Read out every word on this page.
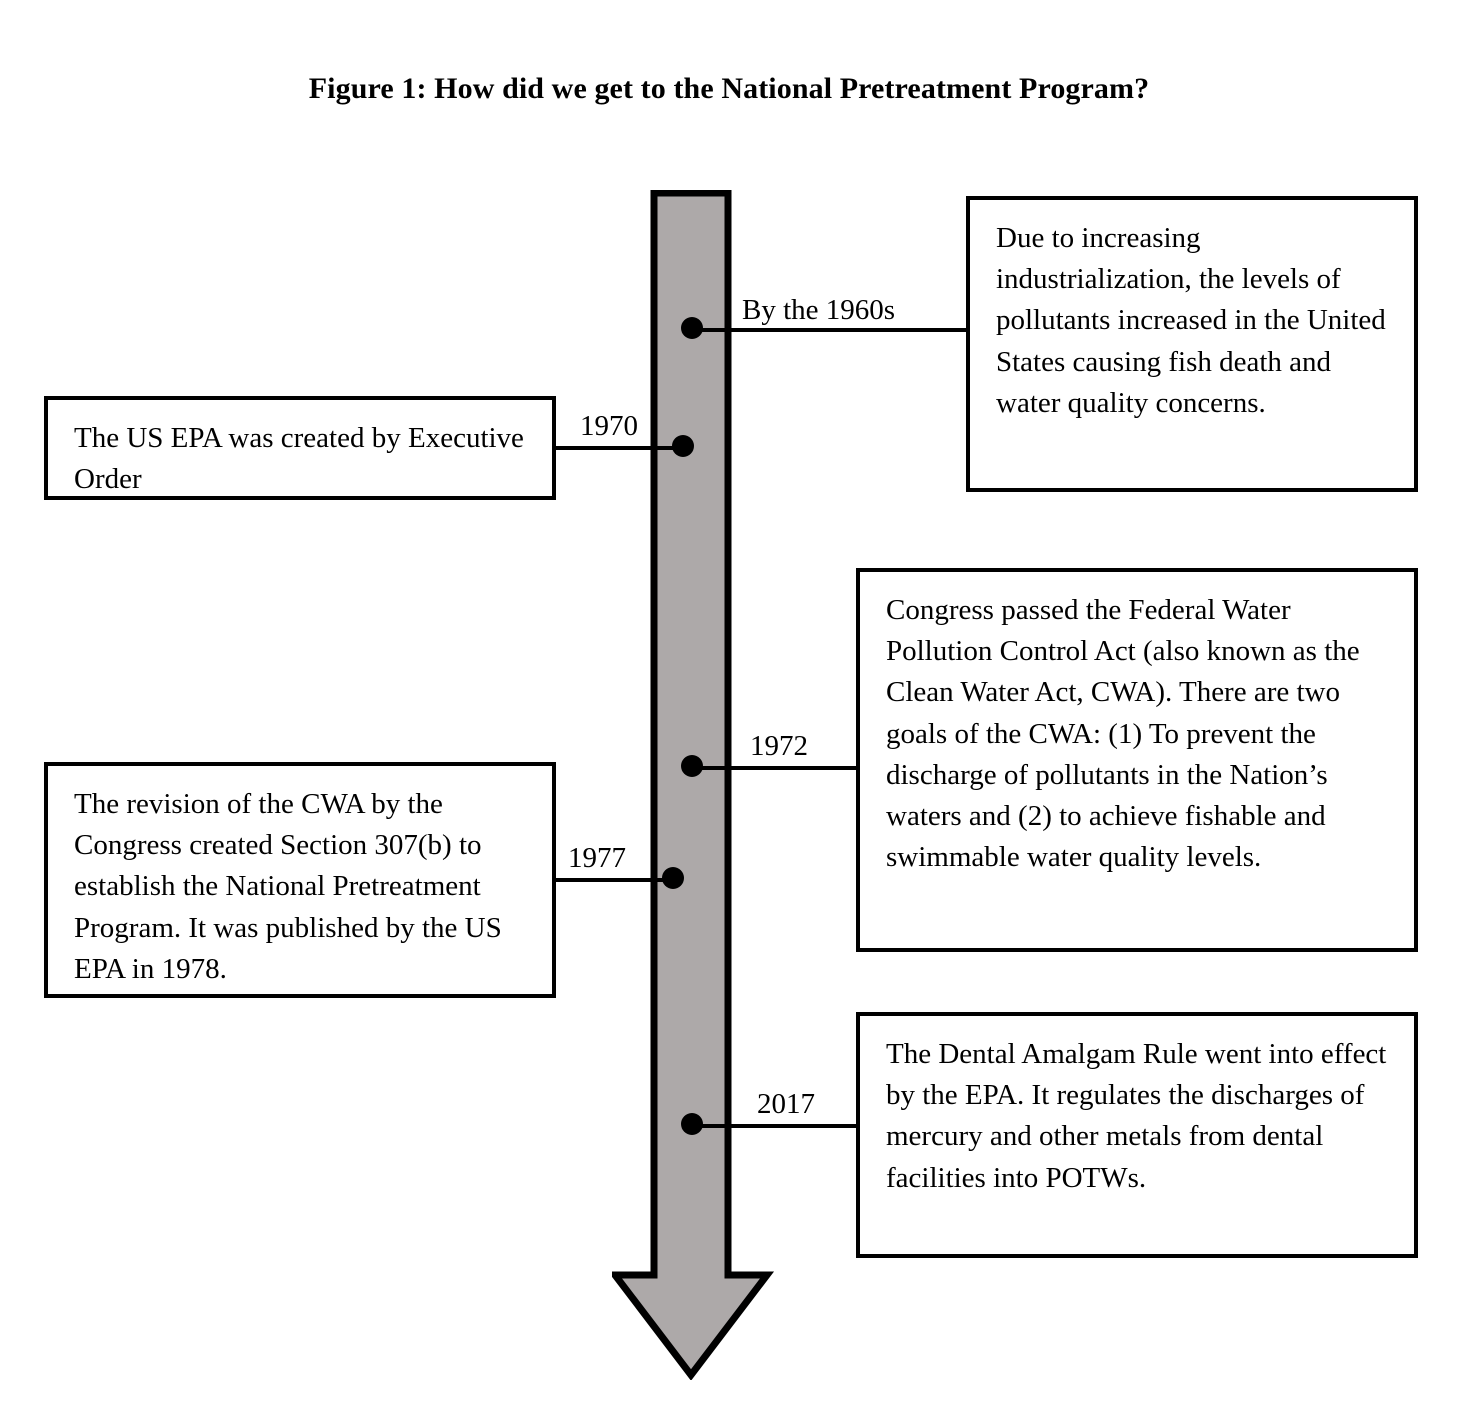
Figure 1: How did we get to the National Pretreatment Program?
By the 1960s
Due to increasing industrialization, the levels of pollutants increased in the United States causing fish death and water quality concerns.
1970
The US EPA was created by Executive Order
1972
Congress passed the Federal Water Pollution Control Act (also known as the Clean Water Act, CWA). There are two goals of the CWA: (1) To prevent the discharge of pollutants in the Nation’s waters and (2) to achieve fishable and swimmable water quality levels.
1977
The revision of the CWA by the Congress created Section 307(b) to establish the National Pretreatment Program. It was published by the US EPA in 1978.
2017
The Dental Amalgam Rule went into effect by the EPA. It regulates the discharges of mercury and other metals from dental facilities into POTWs.
